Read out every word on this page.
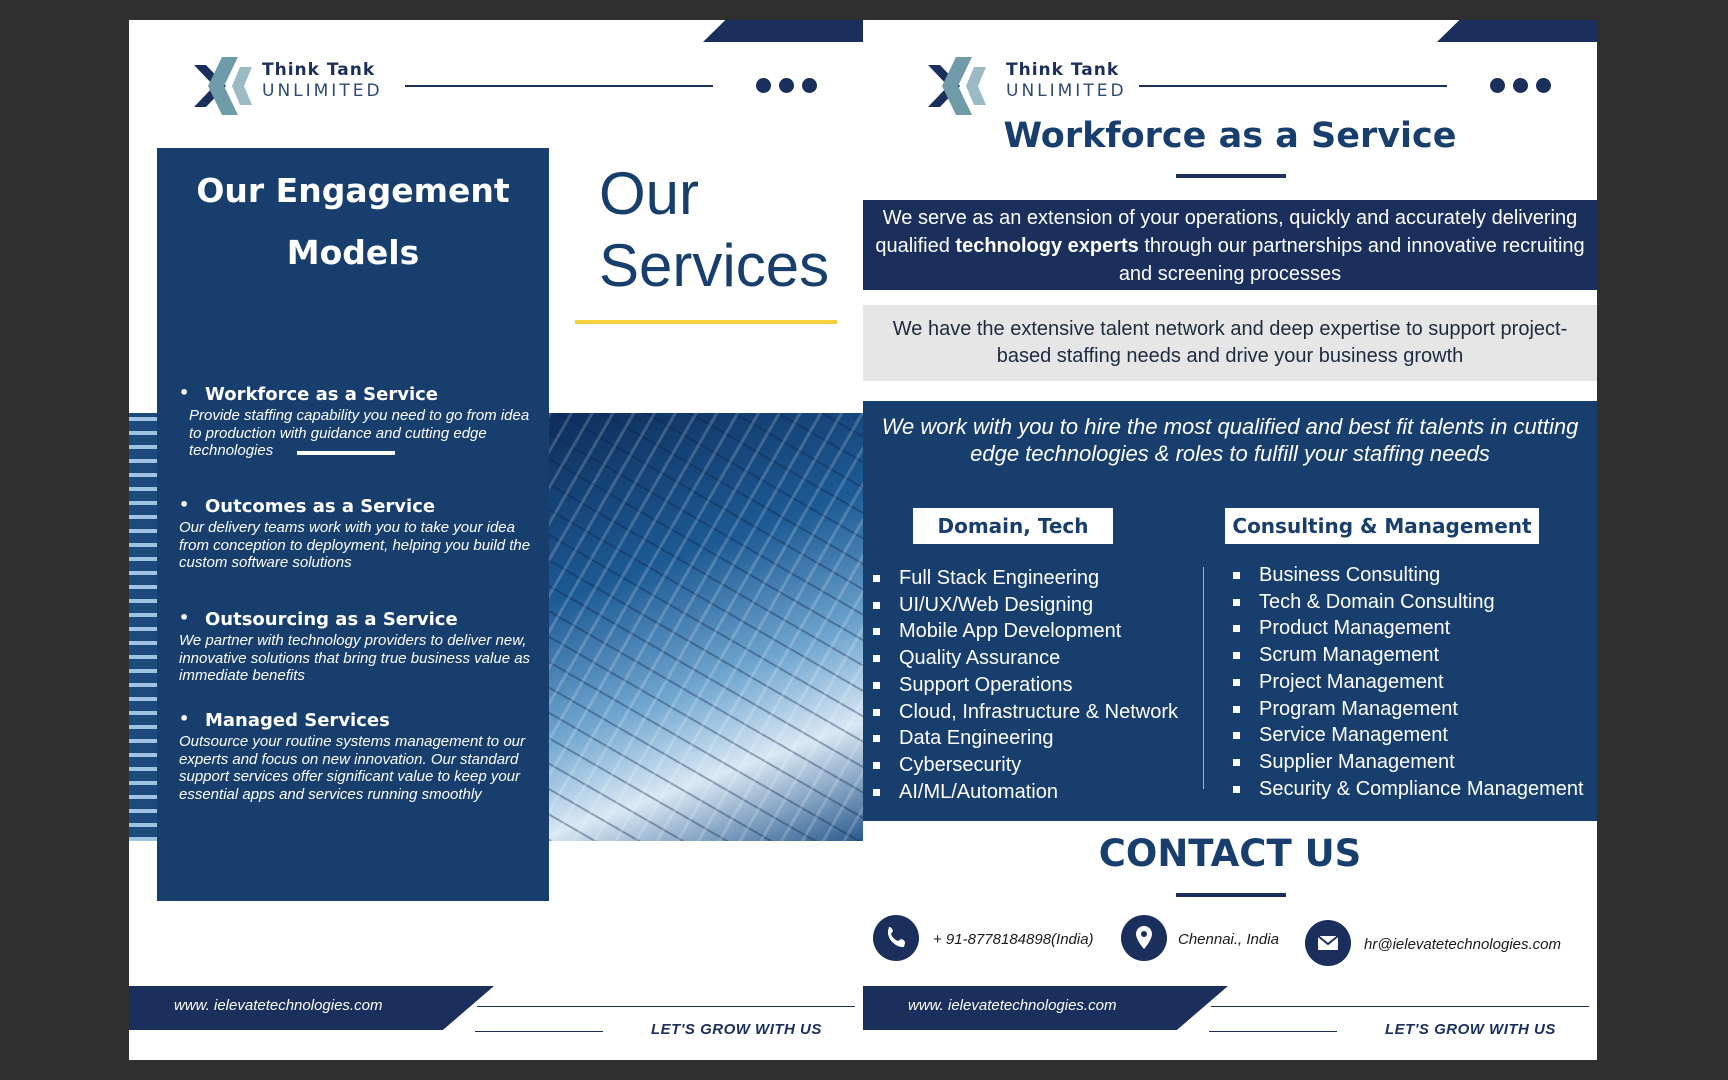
Think Tank
UNLIMITED
Our Engagement
Models
• Workforce as a Service
Provide staffing capability you need to go from idea to production with guidance and cutting edge technologies
• Outcomes as a Service
Our delivery teams work with you to take your idea from conception to deployment, helping you build the custom software solutions
• Outsourcing as a Service
We partner with technology providers to deliver new, innovative solutions that bring true business value as immediate benefits
• Managed Services
Outsource your routine systems management to our experts and focus on new innovation. Our standard support services offer significant value to keep your essential apps and services running smoothly
Our
Services
www. ielevatetechnologies.com
LET'S GROW WITH US
Think Tank
UNLIMITED
Workforce as a Service
We serve as an extension of your operations, quickly and accurately delivering qualified technology experts through our partnerships and innovative recruiting and screening processes
We have the extensive talent network and deep expertise to support project-based staffing needs and drive your business growth
We work with you to hire the most qualified and best fit talents in cutting edge technologies & roles to fulfill your staffing needs
Domain, Tech	Consulting & Management
Full Stack Engineering
UI/UX/Web Designing
Mobile App Development
Quality Assurance
Support Operations
Cloud, Infrastructure & Network
Data Engineering
Cybersecurity
AI/ML/Automation
Business Consulting
Tech & Domain Consulting
Product Management
Scrum Management
Project Management
Program Management
Service Management
Supplier Management
Security & Compliance Management
CONTACT US
+ 91-8778184898(India)	Chennai., India	hr@ielevatetechnologies.com
www. ielevatetechnologies.com
LET'S GROW WITH US
